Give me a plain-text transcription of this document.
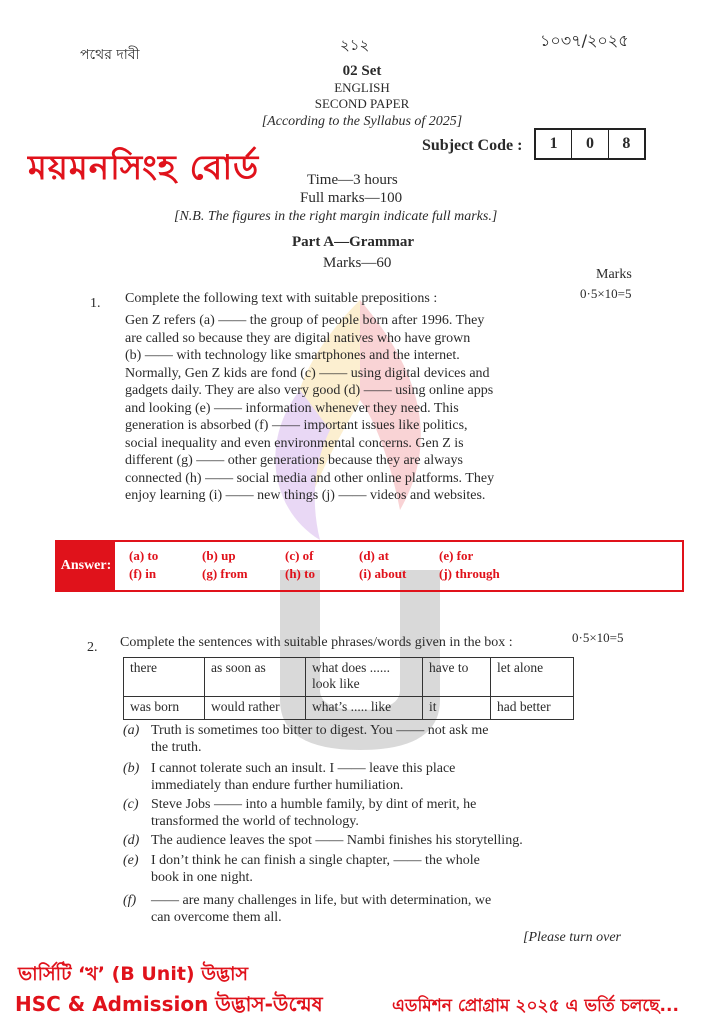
পথের দাবী
২১২	১০৩৭/২০২৫
02 Set
ENGLISH
SECOND PAPER
[According to the Syllabus of 2025]
Subject Code :	1	0	8
ময়মনসিংহ বোর্ড	Time—3 hours
Full marks—100
[N.B. The figures in the right margin indicate full marks.]
Part A—Grammar
Marks—60
Marks
0·5×10=5
1. Complete the following text with suitable prepositions :

Gen Z refers (a) —— the group of people born after 1996. They

are called so because they are digital natives who have grown

(b) —— with technology like smartphones and the internet.

Normally, Gen Z kids are fond (c) —— using digital devices and

gadgets daily. They are also very good (d) —— using online apps

and looking (e) —— information whenever they need. This

generation is absorbed (f) —— important issues like politics,

social inequality and even environmental concerns. Gen Z is

different (g) —— other generations because they are always

connected (h) —— social media and other online platforms. They

enjoy learning (i) —— new things (j) —— videos and websites.

Answer:
(a) to	(b) up	(c) of	(d) at	(e) for
(f) in	(g) from	(h) to	(i) about	(j) through
2. Complete the sentences with suitable phrases/words given in the box :	0·5×10=5
there	as soon as	what does ...... look like	have to	let alone
was born	would rather	what’s ..... like	it	had better
(a) Truth is sometimes too bitter to digest. You —— not ask me
the truth.
(b) I cannot tolerate such an insult. I —— leave this place
immediately than endure further humiliation.
(c) Steve Jobs —— into a humble family, by dint of merit, he
transformed the world of technology.
(d) The audience leaves the spot —— Nambi finishes his storytelling.
(e) I don’t think he can finish a single chapter, —— the whole
book in one night.
(f) —— are many challenges in life, but with determination, we
can overcome them all.
[Please turn over
ভার্সিটি ‘খ’ (B Unit) উদ্ভাস
HSC & Admission উদ্ভাস-উন্মেষ	এডমিশন প্রোগ্রাম ২০২৫ এ ভর্তি চলছে...
